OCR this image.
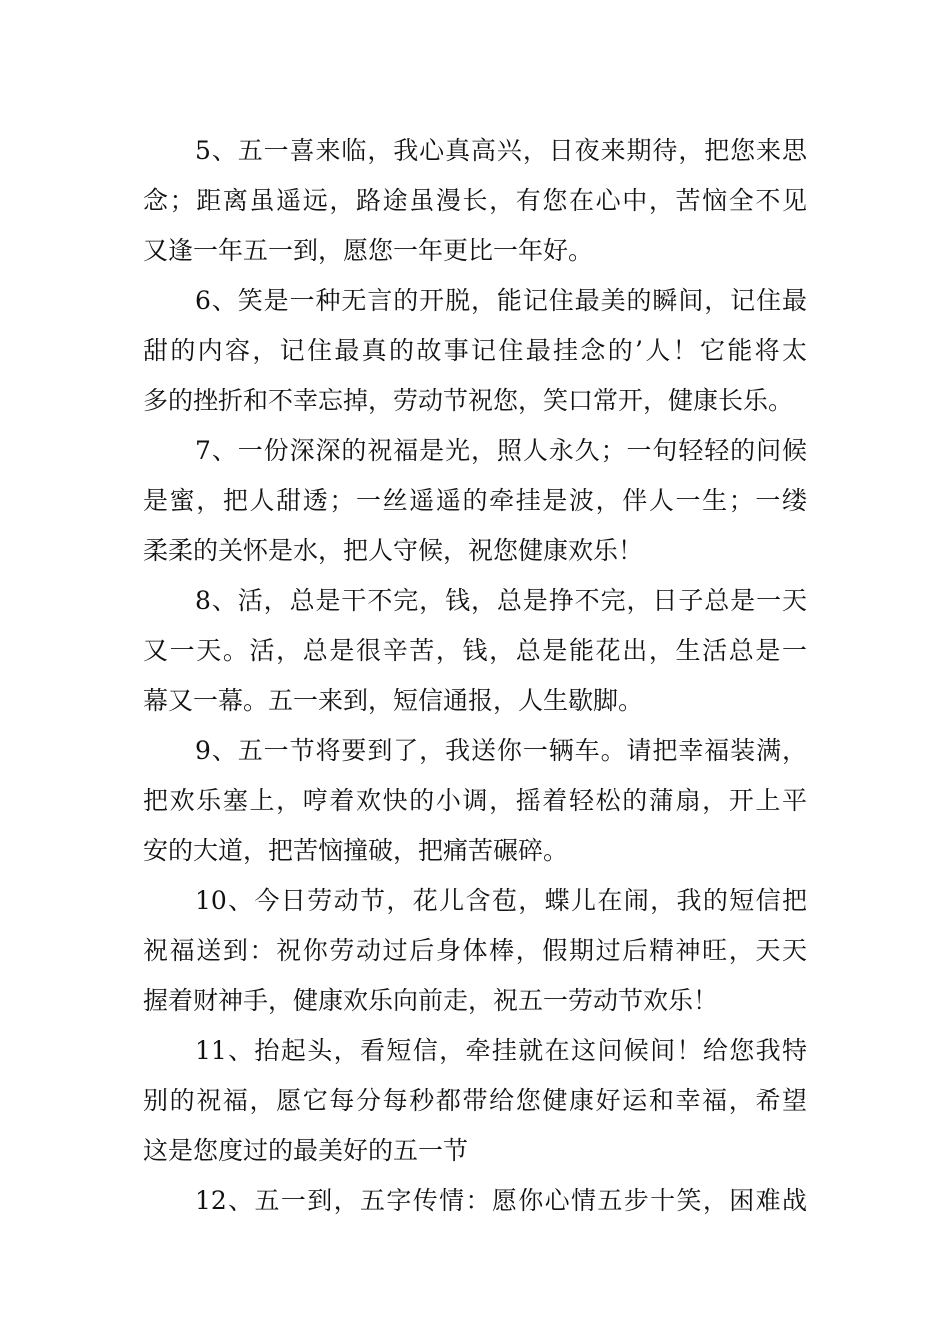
5、五一喜来临，我心真高兴，日夜来期待，把您来思
念；距离虽遥远，路途虽漫长，有您在心中，苦恼全不见
又逢一年五一到，愿您一年更比一年好。
6、笑是一种无言的开脱，能记住最美的瞬间，记住最
甜的内容，记住最真的故事记住最挂念的’人！它能将太
多的挫折和不幸忘掉，劳动节祝您，笑口常开，健康长乐。
7、一份深深的祝福是光，照人永久；一句轻轻的问候
是蜜，把人甜透；一丝遥遥的牵挂是波，伴人一生；一缕
柔柔的关怀是水，把人守候，祝您健康欢乐！
8、活，总是干不完，钱，总是挣不完，日子总是一天
又一天。活，总是很辛苦，钱，总是能花出，生活总是一
幕又一幕。五一来到，短信通报，人生歇脚。
9、五一节将要到了，我送你一辆车。请把幸福装满，
把欢乐塞上，哼着欢快的小调，摇着轻松的蒲扇，开上平
安的大道，把苦恼撞破，把痛苦碾碎。
10、今日劳动节，花儿含苞，蝶儿在闹，我的短信把
祝福送到：祝你劳动过后身体棒，假期过后精神旺，天天
握着财神手，健康欢乐向前走，祝五一劳动节欢乐！
11、抬起头，看短信，牵挂就在这问候间！给您我特
别的祝福，愿它每分每秒都带给您健康好运和幸福，希望
这是您度过的最美好的五一节
12、五一到，五字传情：愿你心情五步十笑，困难战
